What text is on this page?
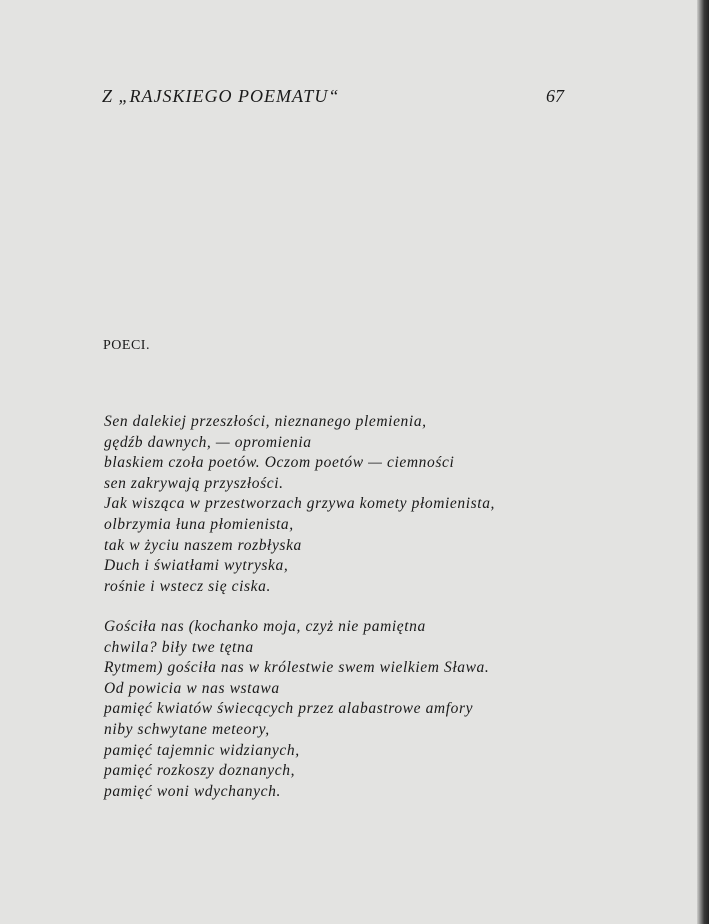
Z „RAJSKIEGO POEMATU“	67
POECI.
Sen dalekiej przeszłości, nieznanego plemienia,
gędźb dawnych, — opromienia
blaskiem czoła poetów. Oczom poetów — ciemności
sen zakrywają przyszłości.
Jak wisząca w przestworzach grzywa komety płomienista,
olbrzymia łuna płomienista,
tak w życiu naszem rozbłyska
Duch i światłami wytryska,
rośnie i wstecz się ciska.
Gościła nas (kochanko moja, czyż nie pamiętna
chwila? biły twe tętna
Rytmem) gościła nas w królestwie swem wielkiem Sława.
Od powicia w nas wstawa
pamięć kwiatów świecących przez alabastrowe amfory
niby schwytane meteory,
pamięć tajemnic widzianych,
pamięć rozkoszy doznanych,
pamięć woni wdychanych.
